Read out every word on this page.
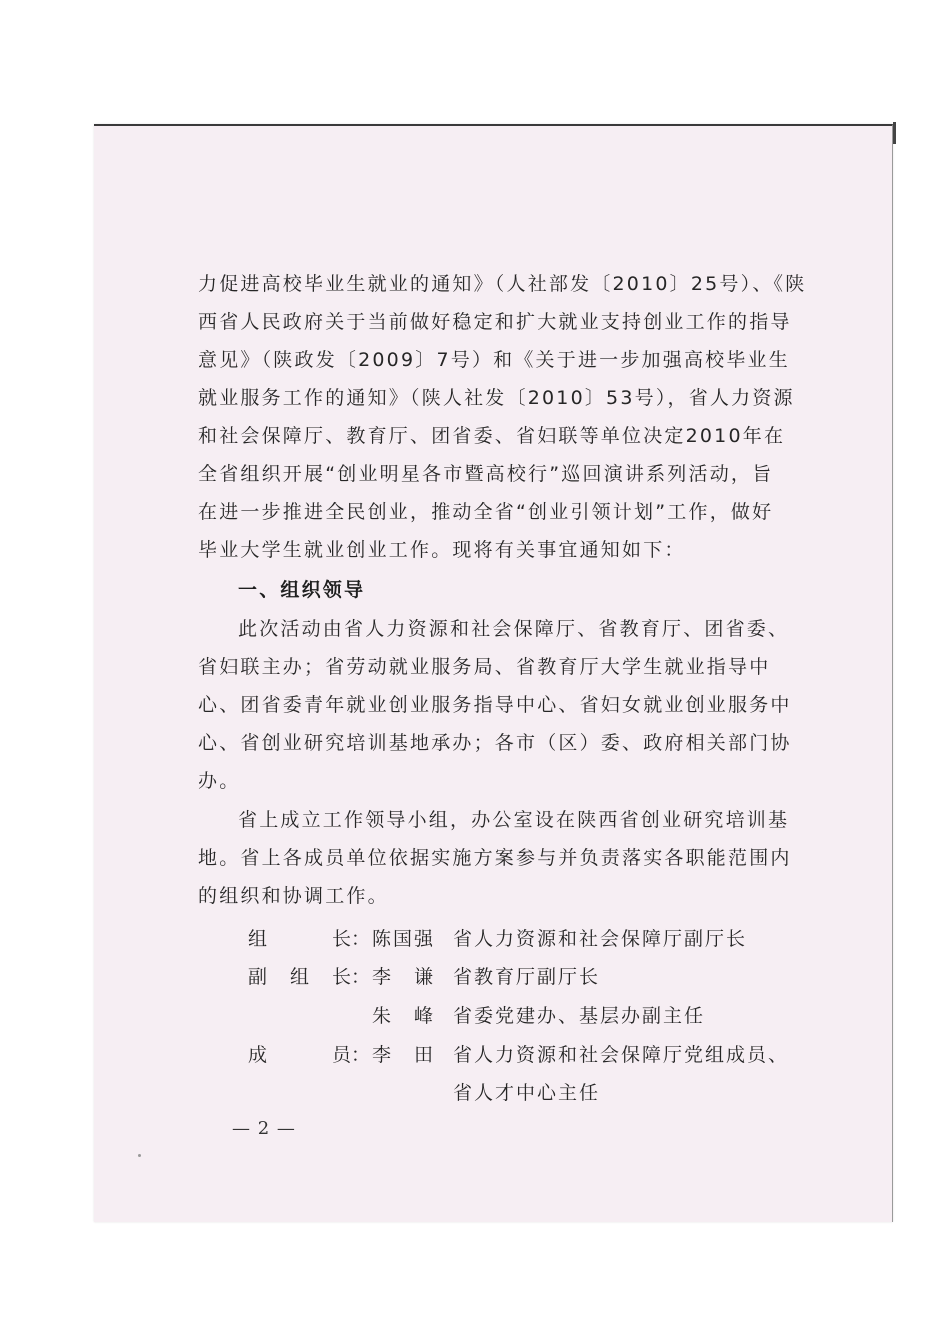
力促进高校毕业生就业的通知》（人社部发〔2010〕25号）、《陕
西省人民政府关于当前做好稳定和扩大就业支持创业工作的指导
意见》（陕政发〔2009〕7号）和《关于进一步加强高校毕业生
就业服务工作的通知》（陕人社发〔2010〕53号），省人力资源
和社会保障厅、教育厅、团省委、省妇联等单位决定2010年在
全省组织开展“创业明星各市暨高校行”巡回演讲系列活动，旨
在进一步推进全民创业，推动全省“创业引领计划”工作，做好
毕业大学生就业创业工作。现将有关事宜通知如下：
一、组织领导
此次活动由省人力资源和社会保障厅、省教育厅、团省委、
省妇联主办；省劳动就业服务局、省教育厅大学生就业指导中
心、团省委青年就业创业服务指导中心、省妇女就业创业服务中
心、省创业研究培训基地承办；各市（区）委、政府相关部门协
办。
省上成立工作领导小组，办公室设在陕西省创业研究培训基
地。省上各成员单位依据实施方案参与并负责落实各职能范围内
的组织和协调工作。
组	长： 陈国强 省人力资源和社会保障厅副厅长
副 组 长： 李　谦 省教育厅副厅长
朱　峰 省委党建办、基层办副主任
成	员： 李　田 省人力资源和社会保障厅党组成员、
省人才中心主任
— 2 —
